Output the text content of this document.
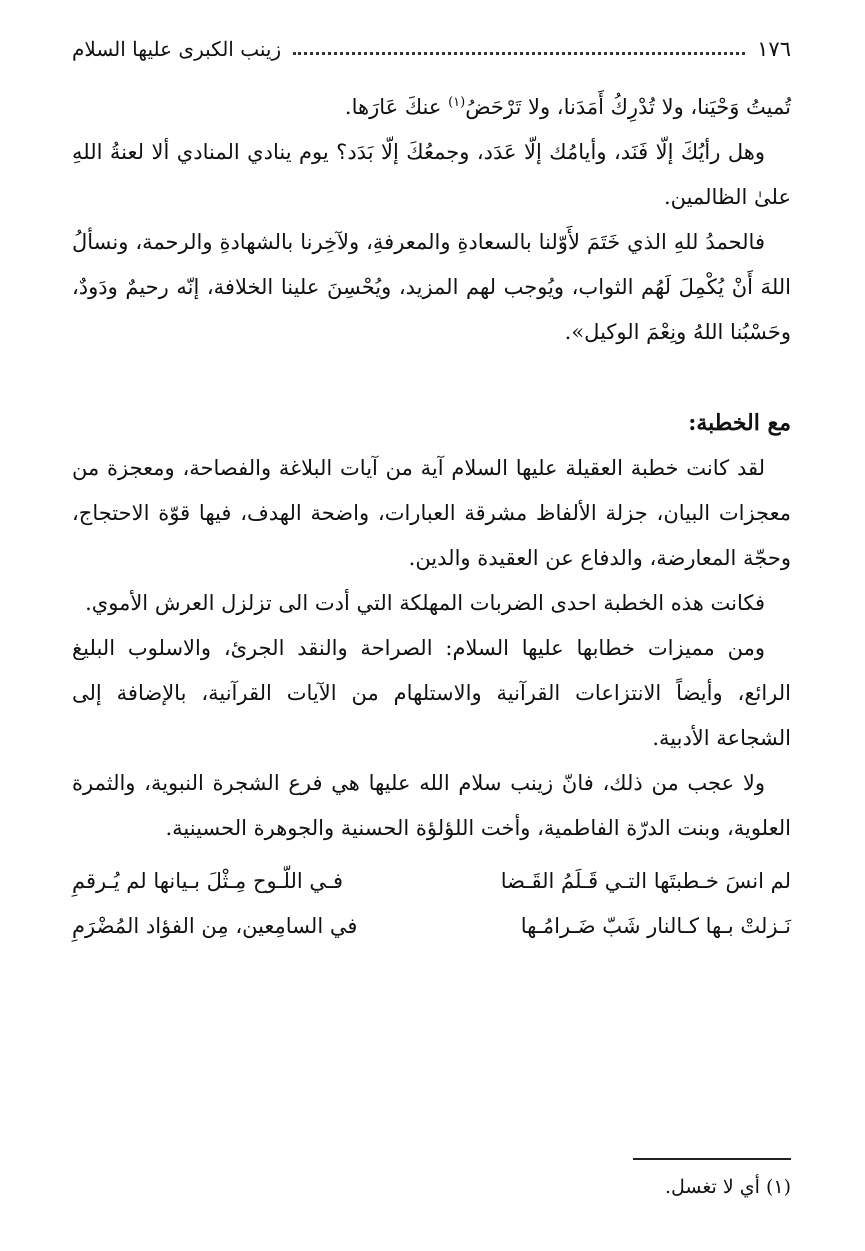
١٧٦
زينب الكبرى عليها السلام

تُميتُ وَحْيَنا، ولا تُدْرِكُ أَمَدَنا، ولا تَرْحَضُ$^{(١)}$ عنكَ عَارَها.

وهل رأيُكَ إلّا فَنَد، وأيامُك إلّا عَدَد، وجمعُكَ إلّا بَدَد؟ يوم ينادي المنادي ألا لعنةُ اللهِ علىٰ الظالمين.

فالحمدُ للهِ الذي خَتَمَ لأَوّلنا بالسعادةِ والمعرفةِ، ولآخِرنا بالشهادةِ والرحمة، ونسألُ اللهَ أَنْ يُكْمِلَ لَهُم الثواب، ويُوجب لهم المزيد، ويُحْسِنَ علينا الخلافة، إنّه رحيمٌ ودَودٌ، وحَسْبُنا اللهُ ونِعْمَ الوكيل».

مع الخطبة:

لقد كانت خطبة العقيلة عليها السلام آية من آيات البلاغة والفصاحة، ومعجزة من معجزات البيان، جزلة الألفاظ مشرقة العبارات، واضحة الهدف، فيها قوّة الاحتجاج، وحجّة المعارضة، والدفاع عن العقيدة والدين.

فكانت هذه الخطبة احدى الضربات المهلكة التي أدت الى تزلزل العرش الأموي.

ومن مميزات خطابها عليها السلام: الصراحة والنقد الجرئ، والاسلوب البليغ الرائع، وأيضاً الانتزاعات القرآنية والاستلهام من الآيات القرآنية، بالإضافة إلى الشجاعة الأدبية.

ولا عجب من ذلك، فانّ زينب سلام الله عليها هي فرع الشجرة النبوية، والثمرة العلوية، وبنت الدرّة الفاطمية، وأخت اللؤلؤة الحسنية والجوهرة الحسينية.

لم انسَ خـطبتَها التـي قَـلَمُ القَـضا
فـي اللّـوح مِـثْلَ بـيانها لم يُـرقمِ
نَـزلتْ بـها كـالنار شَبّ ضَـرامُـها
في السامِعين، مِن الفؤاد المُضْرَمِ
(١) أي لا تغسل.
